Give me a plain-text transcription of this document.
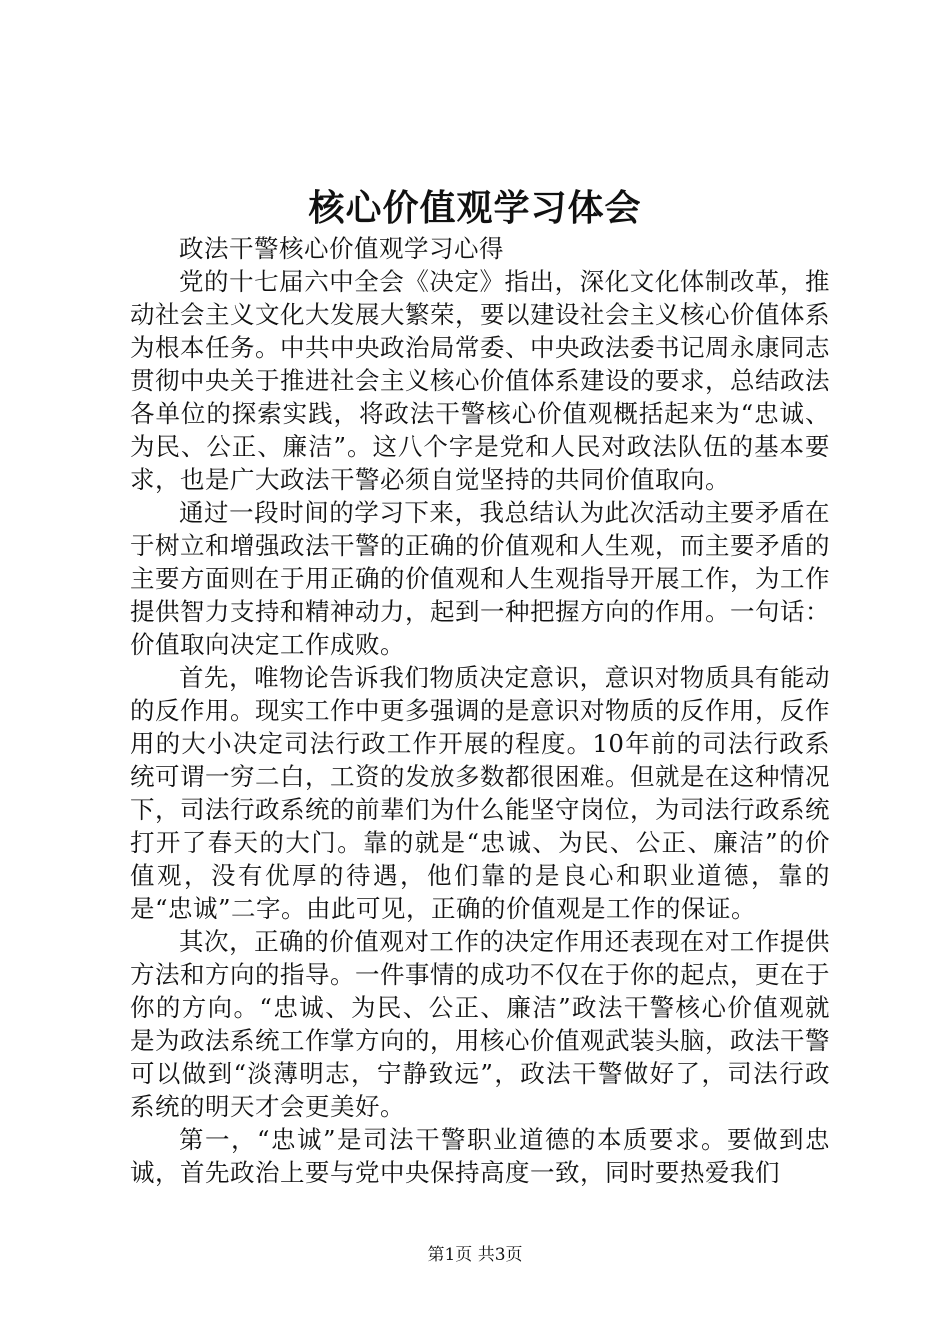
核心价值观学习体会

政法干警核心价值观学习心得

党的十七届六中全会《决定》指出，深化文化体制改革，推动社会主义文化大发展大繁荣，要以建设社会主义核心价值体系为根本任务。中共中央政治局常委、中央政法委书记周永康同志贯彻中央关于推进社会主义核心价值体系建设的要求，总结政法各单位的探索实践，将政法干警核心价值观概括起来为“忠诚、为民、公正、廉洁”。这八个字是党和人民对政法队伍的基本要求，也是广大政法干警必须自觉坚持的共同价值取向。

通过一段时间的学习下来，我总结认为此次活动主要矛盾在于树立和增强政法干警的正确的价值观和人生观，而主要矛盾的主要方面则在于用正确的价值观和人生观指导开展工作，为工作提供智力支持和精神动力，起到一种把握方向的作用。一句话：价值取向决定工作成败。

首先，唯物论告诉我们物质决定意识，意识对物质具有能动的反作用。现实工作中更多强调的是意识对物质的反作用，反作用的大小决定司法行政工作开展的程度。10年前的司法行政系统可谓一穷二白，工资的发放多数都很困难。但就是在这种情况下，司法行政系统的前辈们为什么能坚守岗位，为司法行政系统打开了春天的大门。靠的就是“忠诚、为民、公正、廉洁”的价值观，没有优厚的待遇，他们靠的是良心和职业道德，靠的是“忠诚”二字。由此可见，正确的价值观是工作的保证。

其次，正确的价值观对工作的决定作用还表现在对工作提供方法和方向的指导。一件事情的成功不仅在于你的起点，更在于你的方向。“忠诚、为民、公正、廉洁”政法干警核心价值观就是为政法系统工作掌方向的，用核心价值观武装头脑，政法干警可以做到“淡薄明志，宁静致远”，政法干警做好了，司法行政系统的明天才会更美好。

第一，“忠诚”是司法干警职业道德的本质要求。要做到忠诚，首先政治上要与党中央保持高度一致，同时要热爱我们

第1页 共3页
